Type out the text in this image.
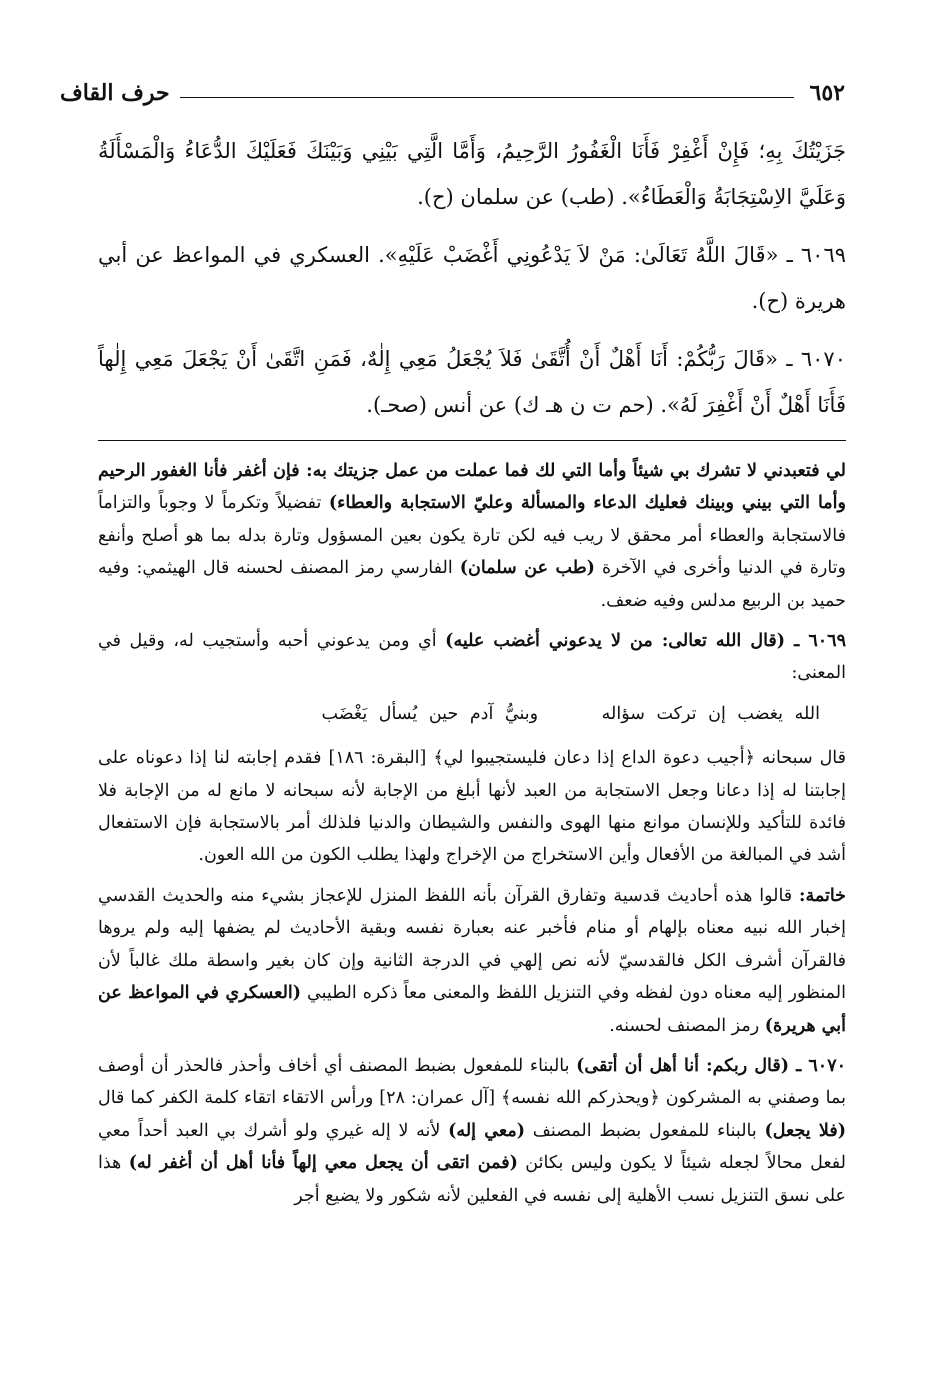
٦٥٢
حرف القاف

جَزَيْتُكَ بِهِ؛ فَإِنْ أَغْفِرْ فَأَنَا الْغَفُورُ الرَّحِيمُ، وَأَمَّا الَّتِي بَيْنِي وَبَيْنَكَ فَعَلَيْكَ الدُّعَاءُ وَالْمَسْأَلَةُ وَعَلَيَّ الاِسْتِجَابَةُ وَالْعَطَاءُ». (طب) عن سلمان (ح).

٦٠٦٩ ـ «قَالَ اللَّهُ تَعَالَىٰ: مَنْ لاَ يَدْعُونِي أَغْضَبْ عَلَيْهِ». العسكري في المواعظ عن أبي هريرة (ح).

٦٠٧٠ ـ «قَالَ رَبُّكُمْ: أَنَا أَهْلٌ أَنْ أُتَّقَىٰ فَلاَ يُجْعَلُ مَعِي إِلٰهٌ، فَمَنِ اتَّقَىٰ أَنْ يَجْعَلَ مَعِي إِلٰهاً فَأَنَا أَهْلٌ أَنْ أَغْفِرَ لَهُ». (حم ت ن هـ ك) عن أنس (صحـ).

لي فتعبدني لا تشرك بي شيئاً وأما التي لك فما عملت من عمل جزيتك به: فإن أغفر فأنا الغفور الرحيم وأما التي بيني وبينك فعليك الدعاء والمسألة وعليّ الاستجابة والعطاء) تفضيلاً وتكرماً لا وجوباً والتزاماً فالاستجابة والعطاء أمر محقق لا ريب فيه لكن تارة يكون بعين المسؤول وتارة بدله بما هو أصلح وأنفع وتارة في الدنيا وأخرى في الآخرة (طب عن سلمان) الفارسي رمز المصنف لحسنه قال الهيثمي: وفيه حميد بن الربيع مدلس وفيه ضعف.

٦٠٦٩ ـ (قال الله تعالى: من لا يدعوني أغضب عليه) أي ومن يدعوني أحبه وأستجيب له، وقيل في المعنى:

الله يغضب إن تركت سؤاله وبنيُّ آدم حين يُسأل يَغْضَب

قال سبحانه ﴿أجيب دعوة الداع إذا دعان فليستجيبوا لي﴾ [البقرة: ١٨٦] فقدم إجابته لنا إذا دعوناه على إجابتنا له إذا دعانا وجعل الاستجابة من العبد لأنها أبلغ من الإجابة لأنه سبحانه لا مانع له من الإجابة فلا فائدة للتأكيد وللإنسان موانع منها الهوى والنفس والشيطان والدنيا فلذلك أمر بالاستجابة فإن الاستفعال أشد في المبالغة من الأفعال وأين الاستخراج من الإخراج ولهذا يطلب الكون من الله العون.

خاتمة: قالوا هذه أحاديث قدسية وتفارق القرآن بأنه اللفظ المنزل للإعجاز بشيء منه والحديث القدسي إخبار الله نبيه معناه بإلهام أو منام فأخبر عنه بعبارة نفسه وبقية الأحاديث لم يضفها إليه ولم يروها فالقرآن أشرف الكل فالقدسيّ لأنه نص إلهي في الدرجة الثانية وإن كان بغير واسطة ملك غالباً لأن المنظور إليه معناه دون لفظه وفي التنزيل اللفظ والمعنى معاً ذكره الطيبي (العسكري في المواعظ عن أبي هريرة) رمز المصنف لحسنه.

٦٠٧٠ ـ (قال ربكم: أنا أهل أن أتقى) بالبناء للمفعول بضبط المصنف أي أخاف وأحذر فالحذر أن أوصف بما وصفني به المشركون ﴿ويحذركم الله نفسه﴾ [آل عمران: ٢٨] ورأس الاتقاء اتقاء كلمة الكفر كما قال (فلا يجعل) بالبناء للمفعول بضبط المصنف (معي إله) لأنه لا إله غيري ولو أشرك بي العبد أحداً معي لفعل محالاً لجعله شيئاً لا يكون وليس بكائن (فمن اتقى أن يجعل معي إلهاً فأنا أهل أن أغفر له) هذا على نسق التنزيل نسب الأهلية إلى نفسه في الفعلين لأنه شكور ولا يضيع أجر
